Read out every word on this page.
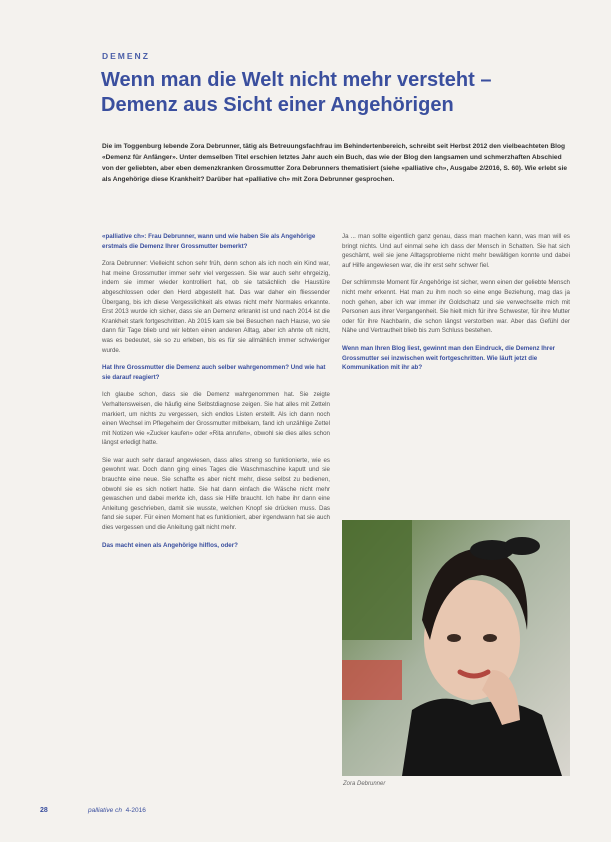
DEMENZ
Wenn man die Welt nicht mehr versteht – Demenz aus Sicht einer Angehörigen

Die im Toggenburg lebende Zora Debrunner, tätig als Betreuungsfachfrau im Behindertenbereich, schreibt seit Herbst 2012 den vielbeachteten Blog «Demenz für Anfänger». Unter demselben Titel erschien letztes Jahr auch ein Buch, das wie der Blog den langsamen und schmerzhaften Abschied von der geliebten, aber eben demenzkranken Grossmutter Zora Debrunners thematisiert (siehe «palliative ch», Ausgabe 2/2016, S. 60). Wie erlebt sie als Angehörige diese Krankheit? Darüber hat «palliative ch» mit Zora Debrunner gesprochen.

«palliative ch»: Frau Debrunner, wann und wie haben Sie als Angehörige erstmals die Demenz Ihrer Grossmutter bemerkt?

Zora Debrunner: Vielleicht schon sehr früh, denn schon als ich noch ein Kind war, hat meine Grossmutter immer sehr viel vergessen. Sie war auch sehr ehrgeizig, indem sie immer wieder kontrolliert hat, ob sie tatsächlich die Haustüre abgeschlossen oder den Herd abgestellt hat. Das war daher ein fliessender Übergang, bis ich diese Vergesslichkeit als etwas nicht mehr Normales erkannte. Erst 2013 wurde ich sicher, dass sie an Demenz erkrankt ist und nach 2014 ist die Krankheit stark fortgeschritten. Ab 2015 kam sie bei Besuchen nach Hause, wo sie dann für Tage blieb und wir lebten einen anderen Alltag, aber ich ahnte oft nicht, was es bedeutet, sie so zu erleben, bis es für sie allmählich immer schwieriger wurde.

Hat Ihre Grossmutter die Demenz auch selber wahrgenommen? Und wie hat sie darauf reagiert?

Ich glaube schon, dass sie die Demenz wahrgenommen hat. Sie zeigte Verhaltensweisen, die häufig eine Selbstdiagnose zeigen. Sie hat alles mit Zetteln markiert, um nichts zu vergessen, sich endlos Listen erstellt. Als ich dann noch einen Wechsel im Pflegeheim der Grossmutter mitbekam, fand ich unzählige Zettel mit Notizen wie «Zucker kaufen» oder «Rita anrufen», obwohl sie dies alles schon längst erledigt hatte.

Sie war auch sehr darauf angewiesen, dass alles streng so funktionierte, wie es gewohnt war. Doch dann ging eines Tages die Waschmaschine kaputt und sie brauchte eine neue. Sie schaffte es aber nicht mehr, diese selbst zu bedienen, obwohl sie es sich notiert hatte. Sie hat dann einfach die Wäsche nicht mehr gewaschen und dabei merkte ich, dass sie Hilfe braucht. Ich habe ihr dann eine Anleitung geschrieben, damit sie wusste, welchen Knopf sie drücken muss. Das fand sie super. Für einen Moment hat es funktioniert, aber irgendwann hat sie auch dies vergessen und die Anleitung galt nicht mehr.

Das macht einen als Angehörige hilflos, oder?

Ja ... man sollte eigentlich ganz genau, dass man machen kann, was man will es bringt nichts. Und auf einmal sehe ich dass der Mensch in Schatten. Sie hat sich geschämt, weil sie jene Alltagsprobleme nicht mehr bewältigen konnte und dabei auf Hilfe angewiesen war, die ihr erst sehr schwer fiel.

Der schlimmste Moment für Angehörige ist sicher, wenn einen der geliebte Mensch nicht mehr erkennt. Hat man zu ihm noch so eine enge Beziehung, mag das ja noch gehen, aber ich war immer ihr Goldschatz und sie verwechselte mich mit Personen aus ihrer Vergangenheit. Sie hielt mich für ihre Schwester, für ihre Mutter oder für ihre Nachbarin, die schon längst verstorben war. Aber das Gefühl der Nähe und Vertrautheit blieb bis zum Schluss bestehen.

Wenn man Ihren Blog liest, gewinnt man den Eindruck, die Demenz Ihrer Grossmutter sei inzwischen weit fortgeschritten. Wie läuft jetzt die Kommunikation mit ihr ab?

Zora Debrunner
28	palliative ch 4-2016
